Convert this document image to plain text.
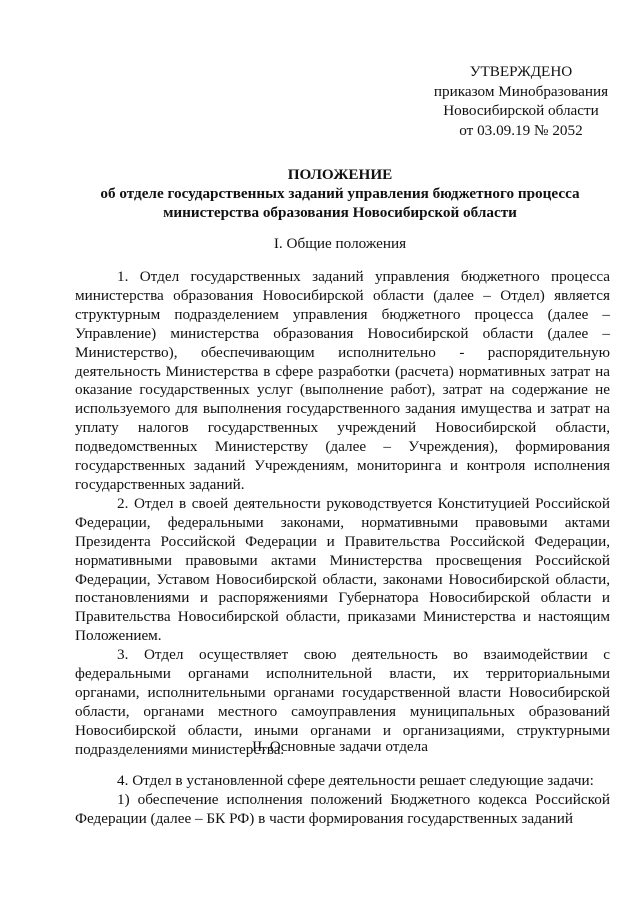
УТВЕРЖДЕНО
приказом Минобразования
Новосибирской области
от 03.09.19 № 2052
ПОЛОЖЕНИЕ
об отделе государственных заданий управления бюджетного процесса
министерства образования Новосибирской области
I. Общие положения

1. Отдел государственных заданий управления бюджетного процесса министерства образования Новосибирской области (далее – Отдел) является структурным подразделением управления бюджетного процесса (далее – Управление) министерства образования Новосибирской области (далее – Министерство), обеспечивающим исполнительно - распорядительную деятельность Министерства в сфере разработки (расчета) нормативных затрат на оказание государственных услуг (выполнение работ), затрат на содержание не используемого для выполнения государственного задания имущества и затрат на уплату налогов государственных учреждений Новосибирской области, подведомственных Министерству (далее – Учреждения), формирования государственных заданий Учреждениям, мониторинга и контроля исполнения государственных заданий.

2. Отдел в своей деятельности руководствуется Конституцией Российской Федерации, федеральными законами, нормативными правовыми актами Президента Российской Федерации и Правительства Российской Федерации, нормативными правовыми актами Министерства просвещения Российской Федерации, Уставом Новосибирской области, законами Новосибирской области, постановлениями и распоряжениями Губернатора Новосибирской области и Правительства Новосибирской области, приказами Министерства и настоящим Положением.

3. Отдел осуществляет свою деятельность во взаимодействии с федеральными органами исполнительной власти, их территориальными органами, исполнительными органами государственной власти Новосибирской области, органами местного самоуправления муниципальных образований Новосибирской области, иными органами и организациями, структурными подразделениями министерства.

II. Основные задачи отдела

4. Отдел в установленной сфере деятельности решает следующие задачи:

1) обеспечение исполнения положений Бюджетного кодекса Российской Федерации (далее – БК РФ) в части формирования государственных заданий
